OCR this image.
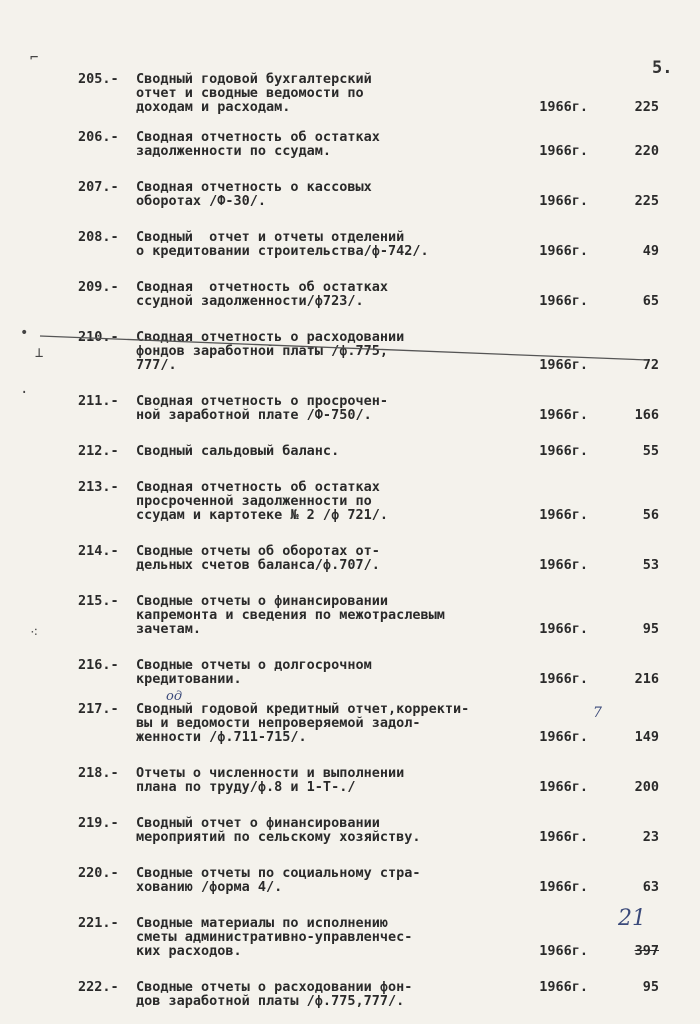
5.
⌐
•
⊥
·
⁖
205.-	Сводный годовой бухгалтерский
отчет и сводные ведомости по
доходам и расходам.	1966г.	225
206.-	Сводная отчетность об остатках
задолженности по ссудам.	1966г.	220
207.-	Сводная отчетность о кассовых
оборотах /Ф-30/.	1966г.	225
208.-	Сводный  отчет и отчеты отделений
о кредитовании строительства/ф-742/.	1966г.	49
209.-	Сводная  отчетность об остатках
ссудной задолженности/ф723/.	1966г.	65
210.-	Сводная отчетность о расходовании
фондов заработной платы /ф.775,
777/.	1966г.	72
211.-	Сводная отчетность о просрочен-
ной заработной плате /Ф-750/.	1966г.	166
212.-	Сводный сальдовый баланс.	1966г.	55
213.-	Сводная отчетность об остатках
просроченной задолженности по
ссудам и картотеке № 2 /ф 721/.	1966г.	56
214.-	Сводные отчеты об оборотах от-
дельных счетов баланса/ф.707/.	1966г.	53
215.-	Сводные отчеты о финансировании
капремонта и сведения по межотраслевым
зачетам.	1966г.	95
216.-	Сводные отчеты о долгосрочном
кредитовании.	1966г.	216
од
217.-	Сводный годовой кредитный отчет,корректи-
вы и ведомости непроверяемой задол-
женности /ф.711-715/.
7
1966г.	149
218.-	Отчеты о численности и выполнении
плана по труду/ф.8 и 1-Т-./	1966г.	200
219.-	Сводный отчет о финансировании
мероприятий по сельскому хозяйству.	1966г.	23
220.-	Сводные отчеты по социальному стра-
хованию /форма 4/.	1966г.	63
21
221.-	Сводные материалы по исполнению
сметы административно-управленчес-
ких расходов.	1966г.	397
222.-	Сводные отчеты о расходовании фон-
дов заработной платы /ф.775,777/.
1966г.	95
